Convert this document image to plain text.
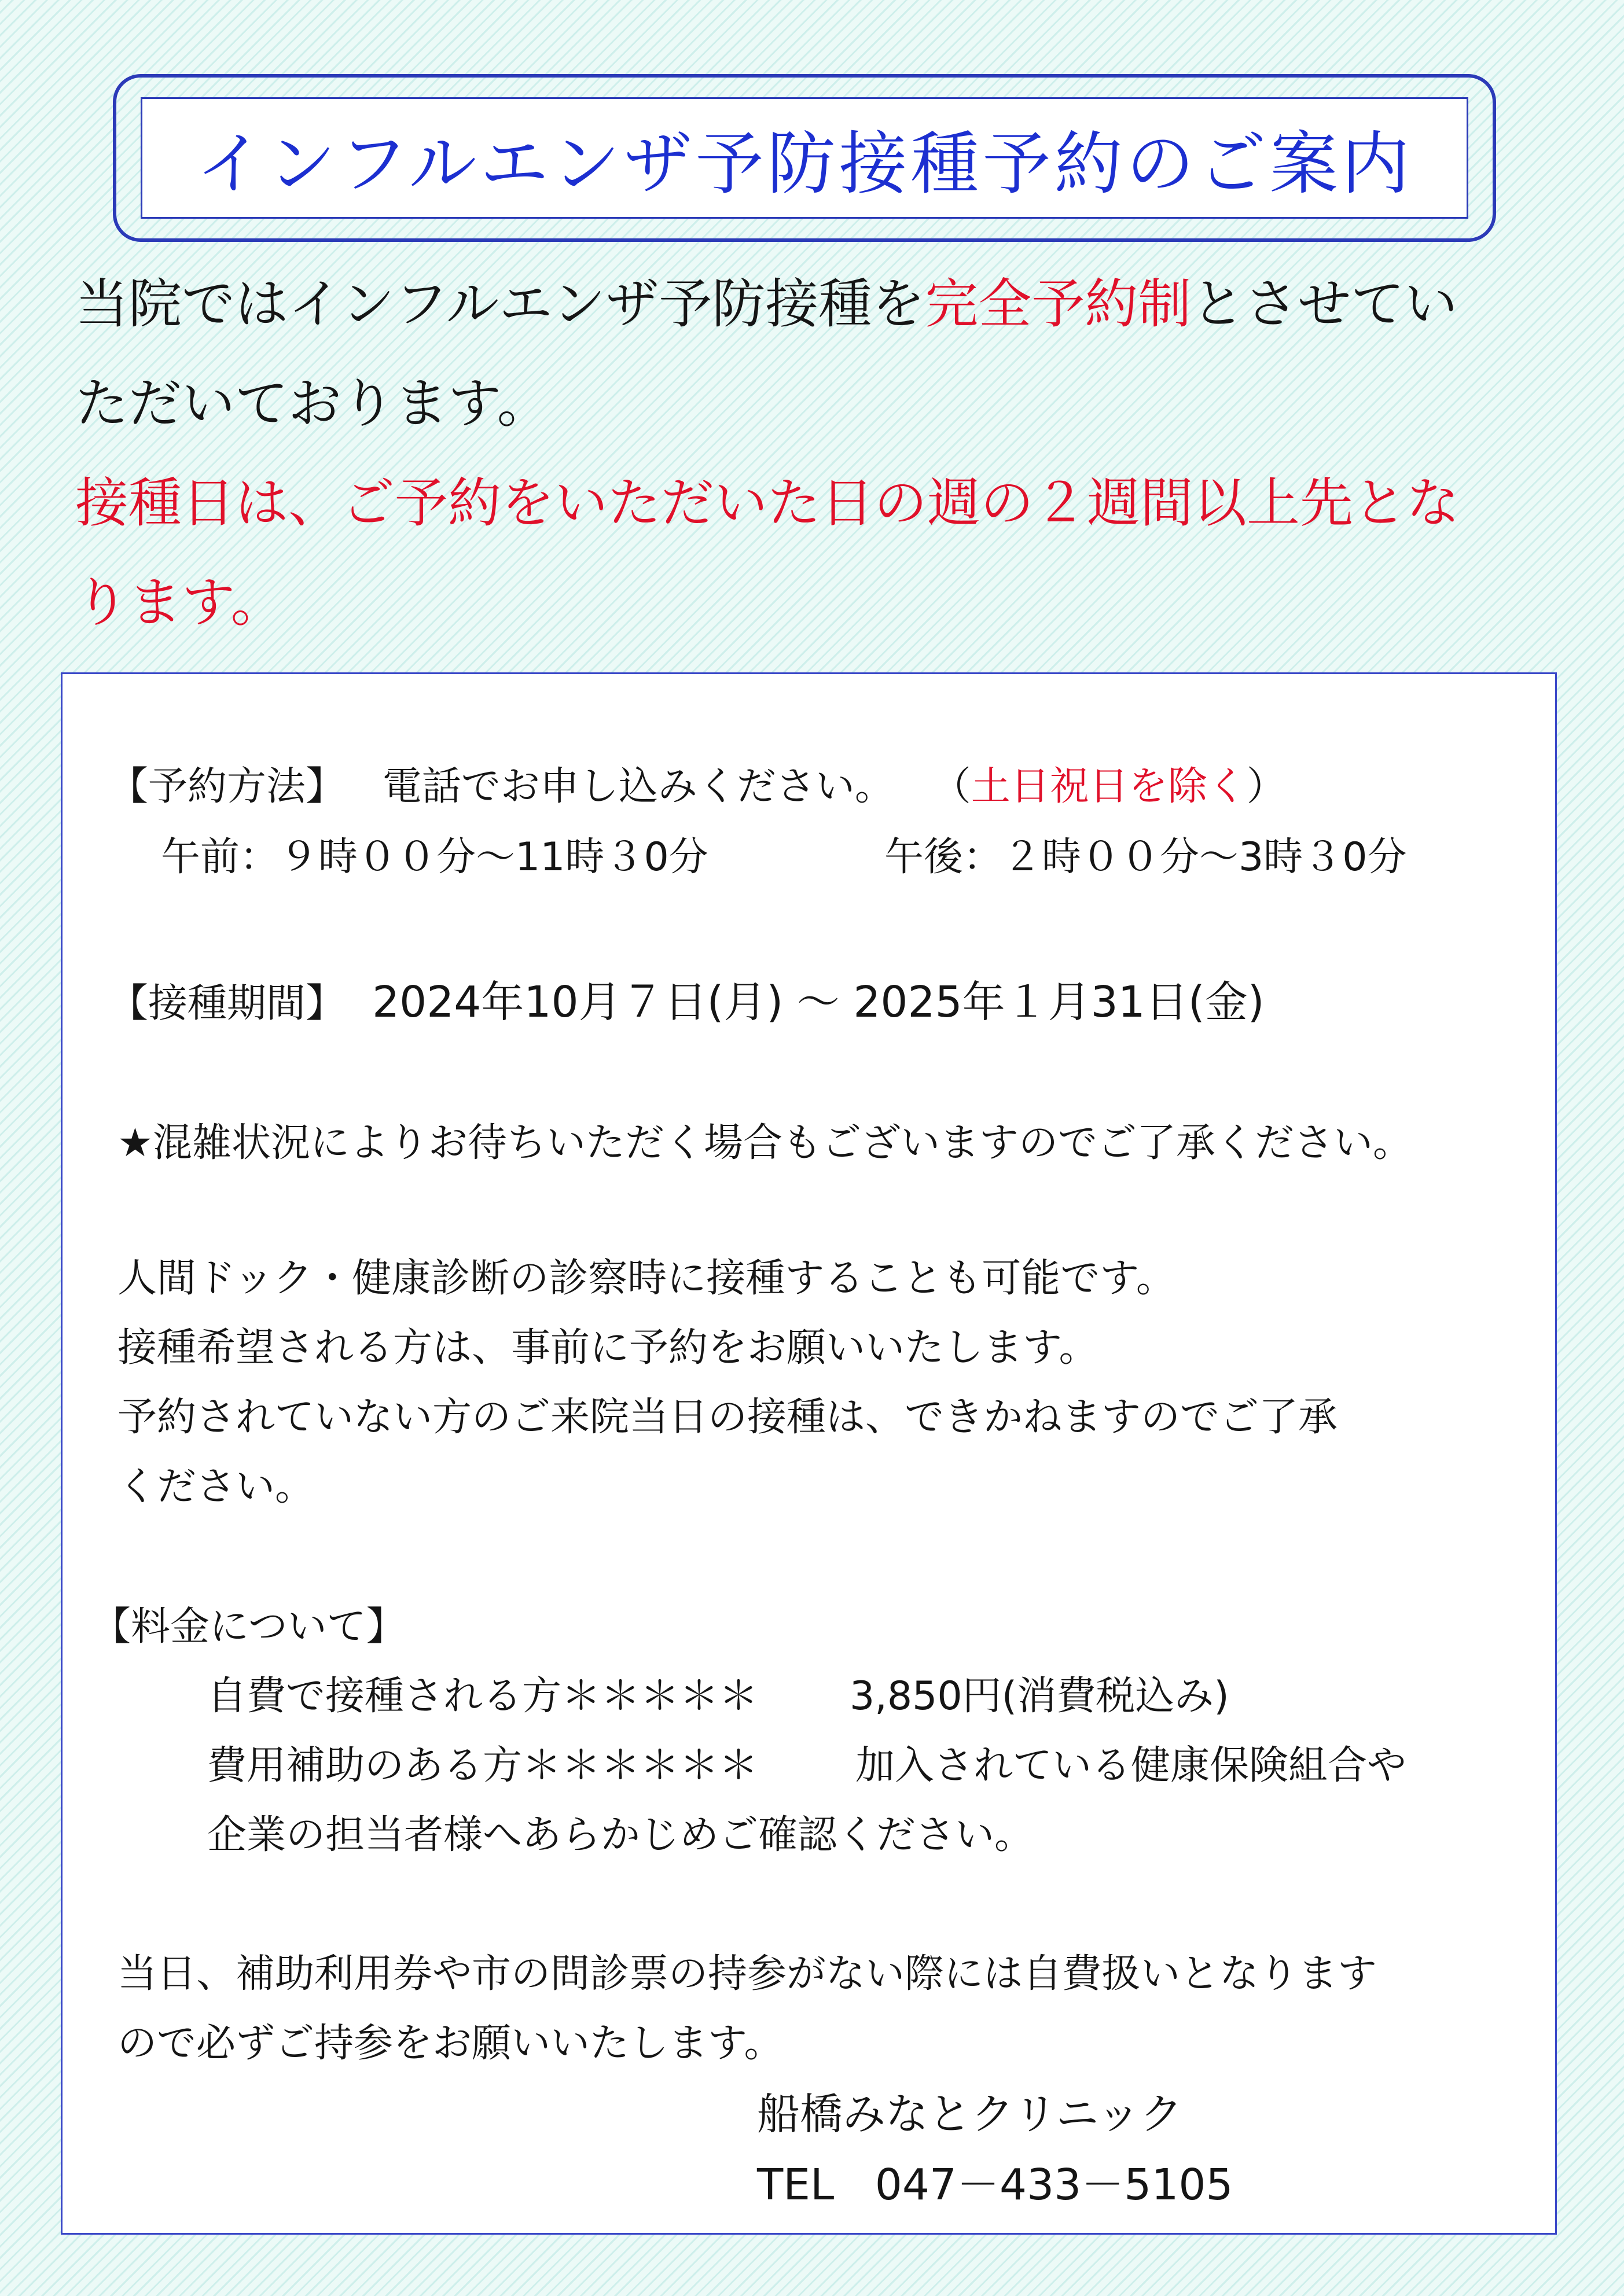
インフルエンザ予防接種予約のご案内

当院ではインフルエンザ予防接種を完全予約制とさせてい

ただいております。

接種日は、ご予約をいただいた日の週の２週間以上先とな

ります。

【予約方法】 電話でお申し込みください。 （土日祝日を除く）
午前：９時００分～11時３0分	午後：２時００分～3時３0分
【接種期間】 2024年10月７日(月) ～ 2025年１月31日(金)
★混雑状況によりお待ちいただく場合もございますのでご了承ください。
人間ドック・健康診断の診察時に接種することも可能です。
接種希望される方は、事前に予約をお願いいたします。
予約されていない方のご来院当日の接種は、できかねますのでご了承
ください。
【料金について】
自費で接種される方＊＊＊＊＊ 3,850円(消費税込み)
費用補助のある方＊＊＊＊＊＊ 加入されている健康保険組合や
企業の担当者様へあらかじめご確認ください。
当日、補助利用券や市の問診票の持参がない際には自費扱いとなります
ので必ずご持参をお願いいたします。
船橋みなとクリニック
TEL 047－433－5105
